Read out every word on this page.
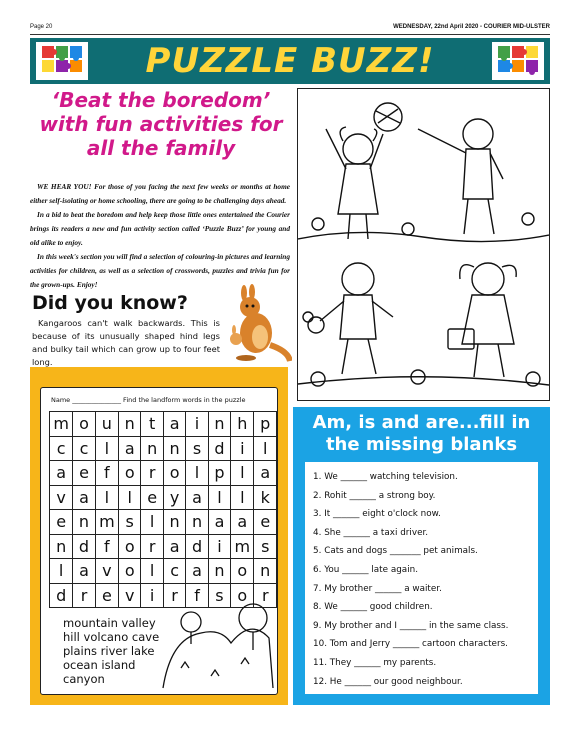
Page 20	WEDNESDAY, 22nd April 2020 - COURIER MID-ULSTER
PUZZLE BUZZ!
‘Beat the boredom’
with fun activities for
all the family

WE HEAR YOU! For those of you facing the next few weeks or months at home either self-isolating or home schooling, there are going to be challenging days ahead.

In a bid to beat the boredom and help keep those little ones entertained the Courier brings its readers a new and fun activity section called ‘Puzzle Buzz’ for young and old alike to enjoy.

In this week's section you will find a selection of colouring-in pictures and learning activities for children, as well as a selection of crosswords, puzzles and trivia fun for the grown-ups. Enjoy!

Did you know?
Kangaroos can't walk backwards. This is because of its unusually shaped hind legs and bulky tail which can grow up to four feet long.
Name _______________ Find the landform words in the puzzle
m	o	u	n	t	a	i	n	h	p
c	c	l	a	n	n	s	d	i	l
a	e	f	o	r	o	l	p	l	a
v	a	l	l	e	y	a	l	l	k
e	n	m	s	l	n	n	a	a	e
n	d	f	o	r	a	d	i	m	s
l	a	v	o	l	c	a	n	o	n
d	r	e	v	i	r	f	s	o	r
mountain valley
hill volcano cave
plains river lake
ocean island
canyon
Am, is and are...fill in
the missing blanks
1. We ______ watching television.
2. Rohit ______ a strong boy.
3. It ______ eight o'clock now.
4. She ______ a taxi driver.
5. Cats and dogs _______ pet animals.
6. You ______ late again.
7. My brother ______ a waiter.
8. We ______ good children.
9. My brother and I ______ in the same class.
10. Tom and Jerry ______ cartoon characters.
11. They ______ my parents.
12. He ______ our good neighbour.
